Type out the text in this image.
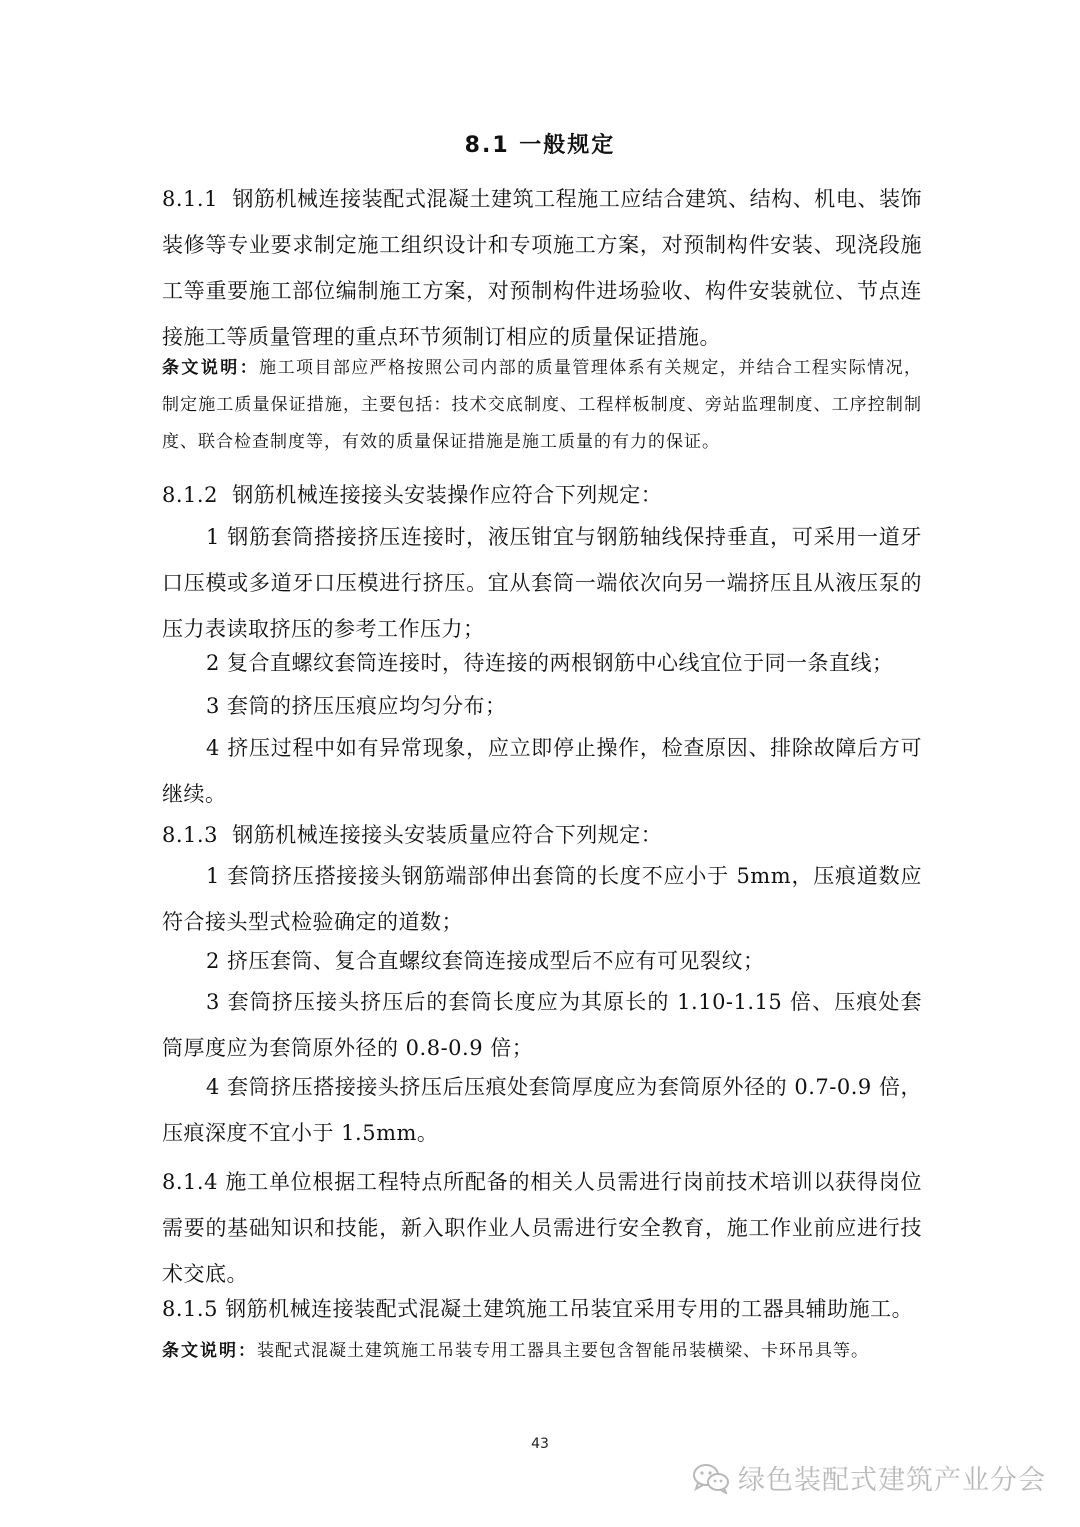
8.1 一般规定
8.1.1 钢筋机械连接装配式混凝土建筑工程施工应结合建筑、结构、机电、装饰装修等专业要求制定施工组织设计和专项施工方案，对预制构件安装、现浇段施工等重要施工部位编制施工方案，对预制构件进场验收、构件安装就位、节点连接施工等质量管理的重点环节须制订相应的质量保证措施。
条文说明：施工项目部应严格按照公司内部的质量管理体系有关规定，并结合工程实际情况，制定施工质量保证措施，主要包括：技术交底制度、工程样板制度、旁站监理制度、工序控制制度、联合检查制度等，有效的质量保证措施是施工质量的有力的保证。
8.1.2 钢筋机械连接接头安装操作应符合下列规定：
1 钢筋套筒搭接挤压连接时，液压钳宜与钢筋轴线保持垂直，可采用一道牙口压模或多道牙口压模进行挤压。宜从套筒一端依次向另一端挤压且从液压泵的压力表读取挤压的参考工作压力；
2 复合直螺纹套筒连接时，待连接的两根钢筋中心线宜位于同一条直线；
3 套筒的挤压压痕应均匀分布；
4 挤压过程中如有异常现象，应立即停止操作，检查原因、排除故障后方可继续。
8.1.3 钢筋机械连接接头安装质量应符合下列规定：
1 套筒挤压搭接接头钢筋端部伸出套筒的长度不应小于 5mm，压痕道数应符合接头型式检验确定的道数；
2 挤压套筒、复合直螺纹套筒连接成型后不应有可见裂纹；
3 套筒挤压接头挤压后的套筒长度应为其原长的 1.10-1.15 倍、压痕处套筒厚度应为套筒原外径的 0.8-0.9 倍；
4 套筒挤压搭接接头挤压后压痕处套筒厚度应为套筒原外径的 0.7-0.9 倍，压痕深度不宜小于 1.5mm。
8.1.4 施工单位根据工程特点所配备的相关人员需进行岗前技术培训以获得岗位需要的基础知识和技能，新入职作业人员需进行安全教育，施工作业前应进行技术交底。
8.1.5 钢筋机械连接装配式混凝土建筑施工吊装宜采用专用的工器具辅助施工。
条文说明：装配式混凝土建筑施工吊装专用工器具主要包含智能吊装横梁、卡环吊具等。
43
绿色装配式建筑产业分会
